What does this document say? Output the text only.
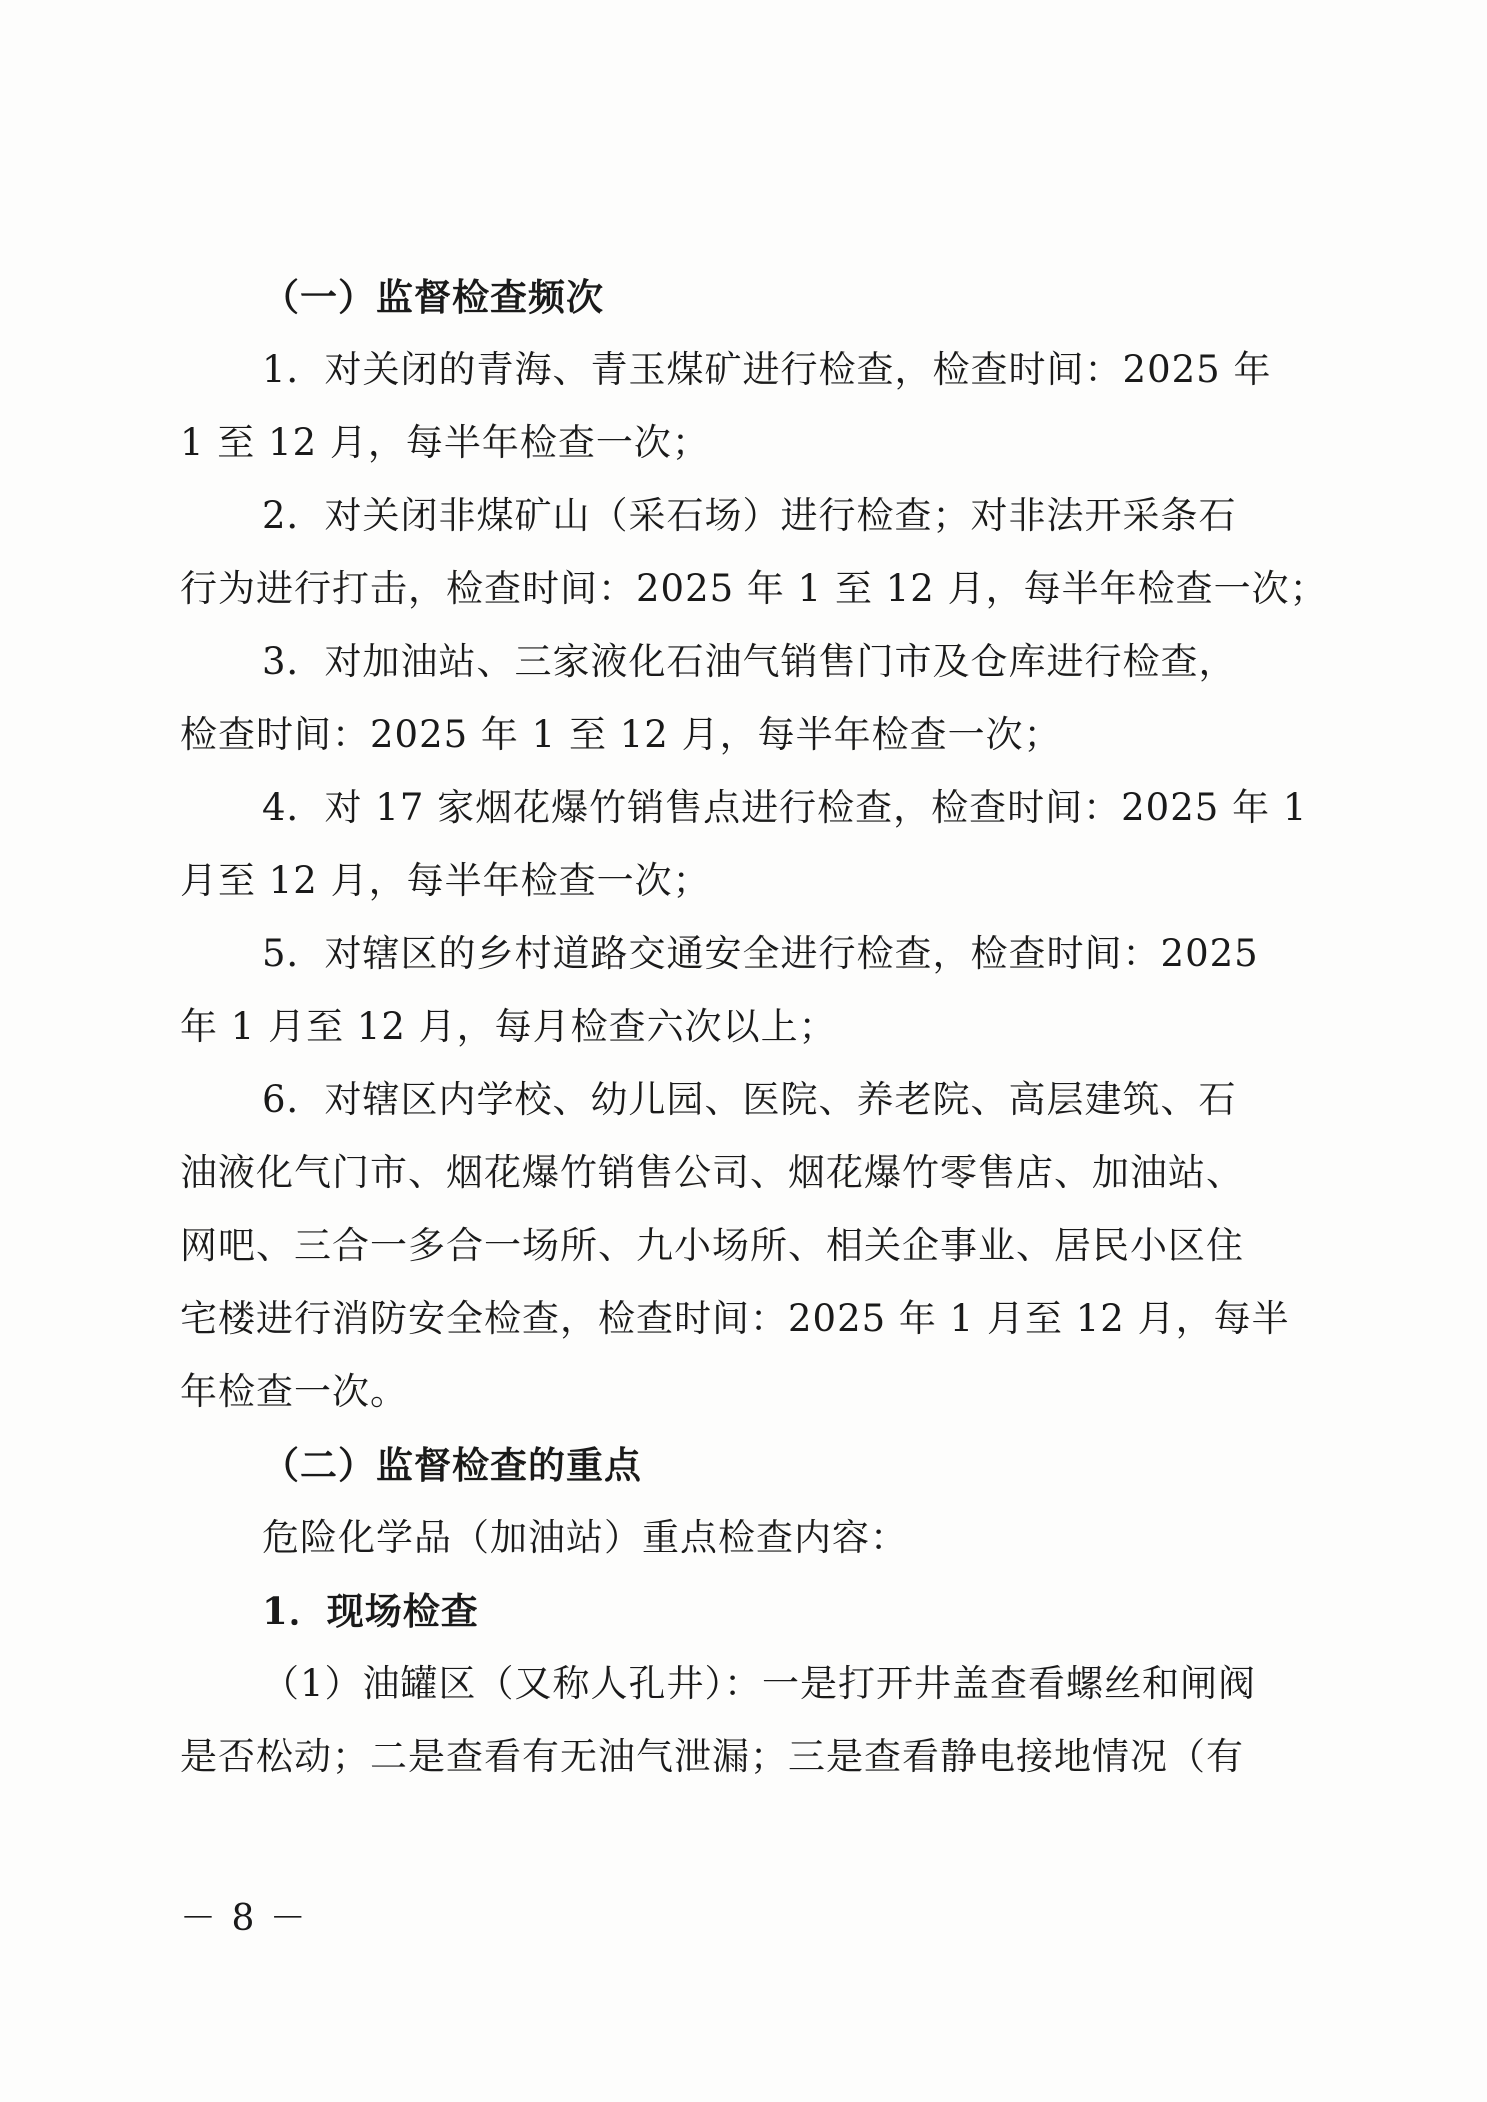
（一）监督检查频次
1．对关闭的青海、青玉煤矿进行检查，检查时间：2025 年
1 至 12 月，每半年检查一次；
2．对关闭非煤矿山（采石场）进行检查；对非法开采条石
行为进行打击，检查时间：2025 年 1 至 12 月，每半年检查一次；
3．对加油站、三家液化石油气销售门市及仓库进行检查，
检查时间：2025 年 1 至 12 月，每半年检查一次；
4．对 17 家烟花爆竹销售点进行检查，检查时间：2025 年 1
月至 12 月，每半年检查一次；
5．对辖区的乡村道路交通安全进行检查，检查时间：2025
年 1 月至 12 月，每月检查六次以上；
6．对辖区内学校、幼儿园、医院、养老院、高层建筑、石
油液化气门市、烟花爆竹销售公司、烟花爆竹零售店、加油站、
网吧、三合一多合一场所、九小场所、相关企事业、居民小区住
宅楼进行消防安全检查，检查时间：2025 年 1 月至 12 月，每半
年检查一次。
（二）监督检查的重点
危险化学品（加油站）重点检查内容：
1．现场检查
（1）油罐区（又称人孔井）：一是打开井盖查看螺丝和闸阀
是否松动；二是查看有无油气泄漏；三是查看静电接地情况（有
－ 8 －
